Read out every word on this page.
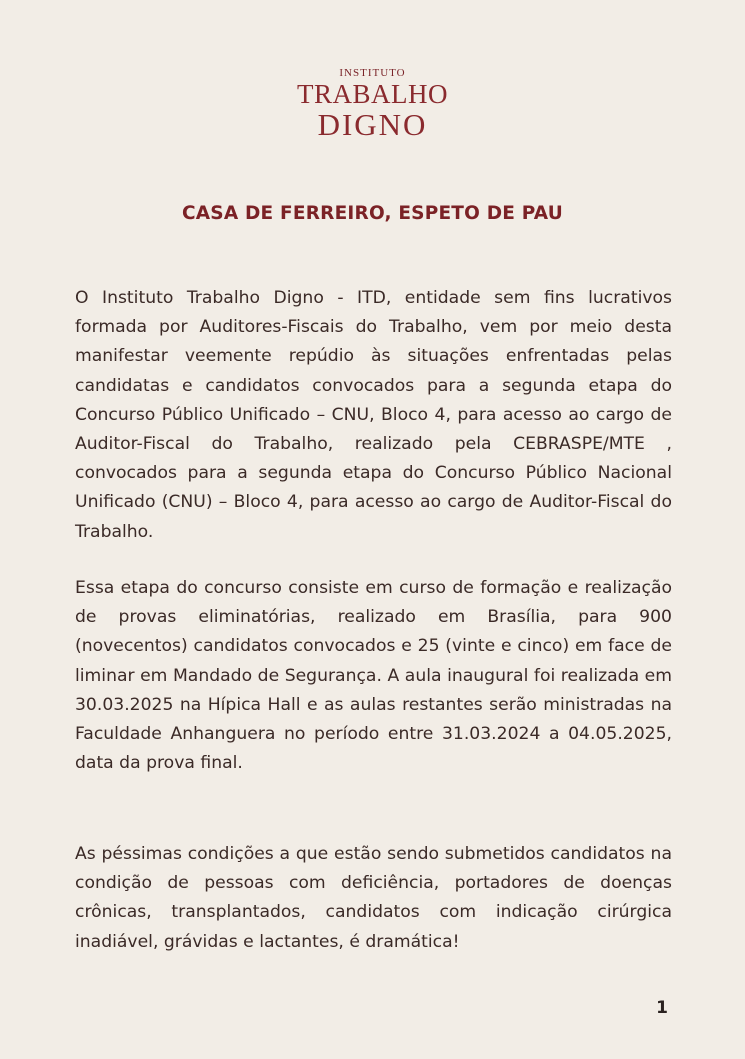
INSTITUTO
TRABALHO
DIGNO
CASA DE FERREIRO, ESPETO DE PAU

O Instituto Trabalho Digno - ITD, entidade sem fins lucrativos formada por Auditores-Fiscais do Trabalho, vem por meio desta manifestar veemente repúdio às situações enfrentadas pelas candidatas e candidatos convocados para a segunda etapa do Concurso Público Unificado – CNU, Bloco 4, para acesso ao cargo de Auditor-Fiscal do Trabalho, realizado pela CEBRASPE/MTE , convocados para a segunda etapa do Concurso Público Nacional Unificado (CNU) – Bloco 4, para acesso ao cargo de Auditor-Fiscal do Trabalho.

Essa etapa do concurso consiste em curso de formação e realização de provas eliminatórias, realizado em Brasília, para 900 (novecentos) candidatos convocados e 25 (vinte e cinco) em face de liminar em Mandado de Segurança. A aula inaugural foi realizada em 30.03.2025 na Hípica Hall e as aulas restantes serão ministradas na Faculdade Anhanguera no período entre 31.03.2024 a 04.05.2025, data da prova final.

As péssimas condições a que estão sendo submetidos candidatos na condição de pessoas com deficiência, portadores de doenças crônicas, transplantados, candidatos com indicação cirúrgica inadiável, grávidas e lactantes, é dramática!

1
